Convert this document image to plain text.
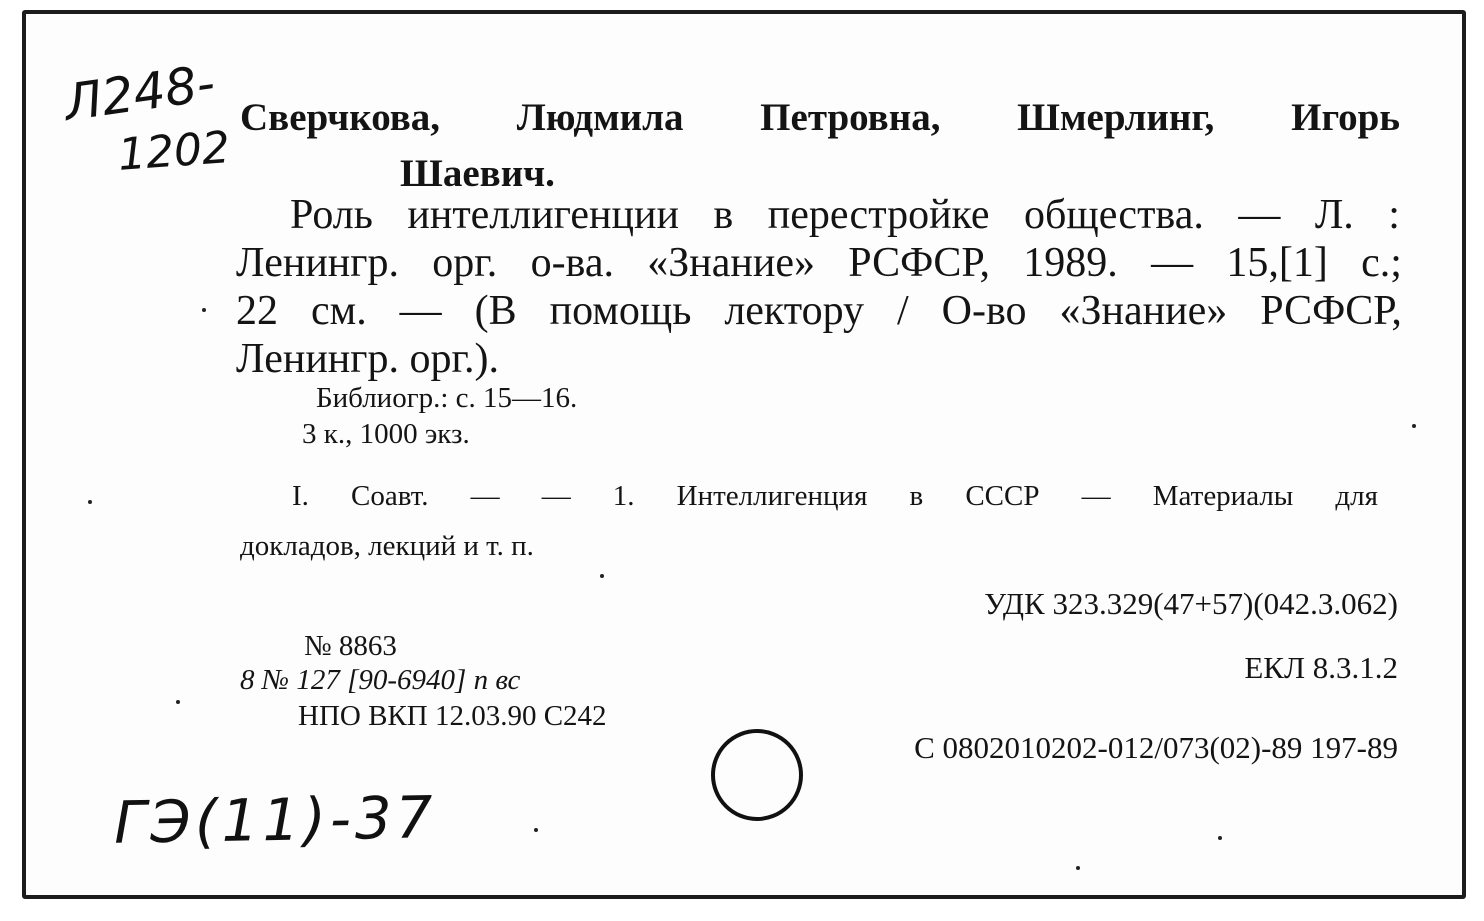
Л248-
1202
Сверчкова, Людмила Петровна, Шмерлинг, Игорь
Шаевич.
Роль интеллигенции в перестройке общества. — Л. :
Ленингр. орг. о-ва. «Знание» РСФСР, 1989. — 15,[1] с.;
22 см. — (В помощь лектору / О-во «Знание» РСФСР,
Ленингр. орг.).
Библиогр.: с. 15—16.
3 к., 1000 экз.
I. Соавт. — — 1. Интеллигенция в СССР — Материалы для
докладов, лекций и т. п.
УДК 323.329(47+57)(042.3.062)
№ 8863
8 № 127 [90-6940] п вс
НПО ВКП 12.03.90 С242
ЕКЛ 8.3.1.2
С 0802010202-012/073(02)-89 197-89
ГЭ(11)-37
